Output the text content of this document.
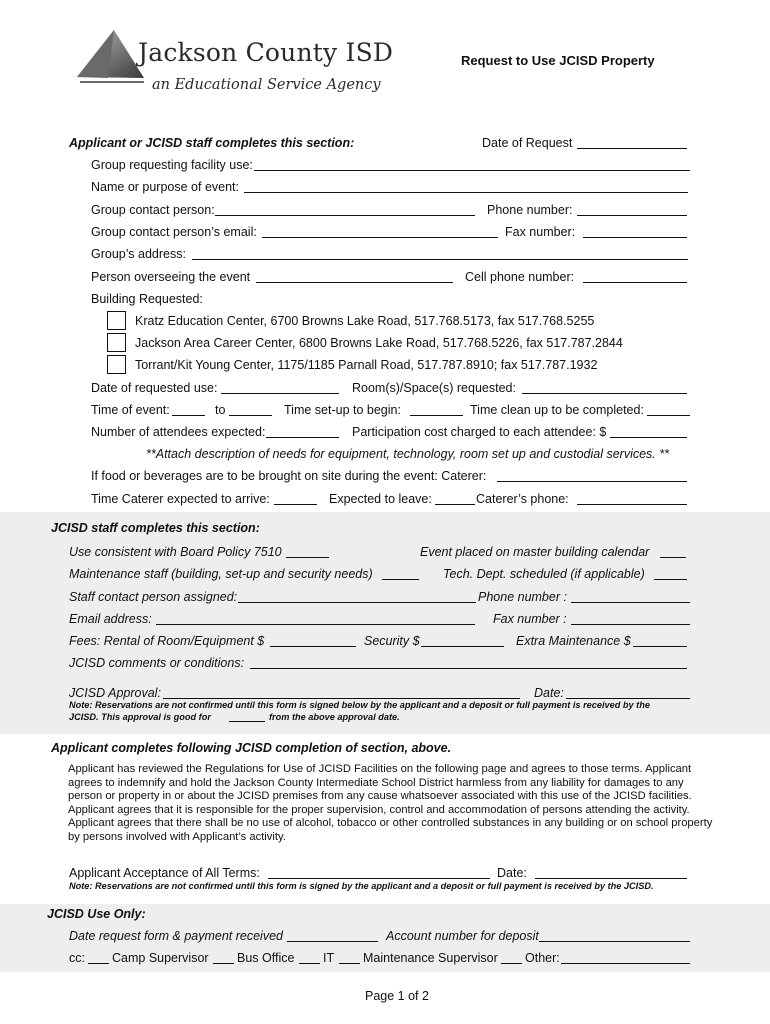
Jackson County ISD
an Educational Service Agency
Request to Use JCISD Property
Applicant or JCISD staff completes this section:	Date of Request
Group requesting facility use:
Name or purpose of event:
Group contact person:	Phone number:
Group contact person’s email:	Fax number:
Group’s address:
Person overseeing the event	Cell phone number:
Building Requested:
Kratz Education Center, 6700 Browns Lake Road, 517.768.5173, fax 517.768.5255
Jackson Area Career Center, 6800 Browns Lake Road, 517.768.5226, fax 517.787.2844
Torrant/Kit Young Center, 1175/1185 Parnall Road, 517.787.8910; fax 517.787.1932
Date of requested use:	Room(s)/Space(s) requested:
Time of event:	to	Time set-up to begin:	Time clean up to be completed:
Number of attendees expected:	Participation cost charged to each attendee: $
**Attach description of needs for equipment, technology, room set up and custodial services. **
If food or beverages are to be brought on site during the event: Caterer:
Time Caterer expected to arrive:	Expected to leave:	Caterer’s phone:
JCISD staff completes this section:
Use consistent with Board Policy 7510	Event placed on master building calendar
Maintenance staff (building, set-up and security needs)	Tech. Dept. scheduled (if applicable)
Staff contact person assigned:	Phone number :
Email address:	Fax number :
Fees: Rental of Room/Equipment $	Security $	Extra Maintenance $
JCISD comments or conditions:
JCISD Approval:	Date:
Note: Reservations are not confirmed until this form is signed below by the applicant and a deposit or full payment is received by the
JCISD. This approval is good for	from the above approval date.
Applicant completes following JCISD completion of section, above.
Applicant has reviewed the Regulations for Use of JCISD Facilities on the following page and agrees to those terms. Applicant
agrees to indemnify and hold the Jackson County Intermediate School District harmless from any liability for damages to any
person or property in or about the JCISD premises from any cause whatsoever associated with this use of the JCISD facilities.
Applicant agrees that it is responsible for the proper supervision, control and accommodation of persons attending the activity.
Applicant agrees that there shall be no use of alcohol, tobacco or other controlled substances in any building or on school property
by persons involved with Applicant’s activity.
Applicant Acceptance of All Terms:	Date:
Note: Reservations are not confirmed until this form is signed by the applicant and a deposit or full payment is received by the JCISD.
JCISD Use Only:
Date request form & payment received	Account number for deposit
cc: Camp Supervisor Bus Office IT Maintenance Supervisor Other:
Page 1 of 2
